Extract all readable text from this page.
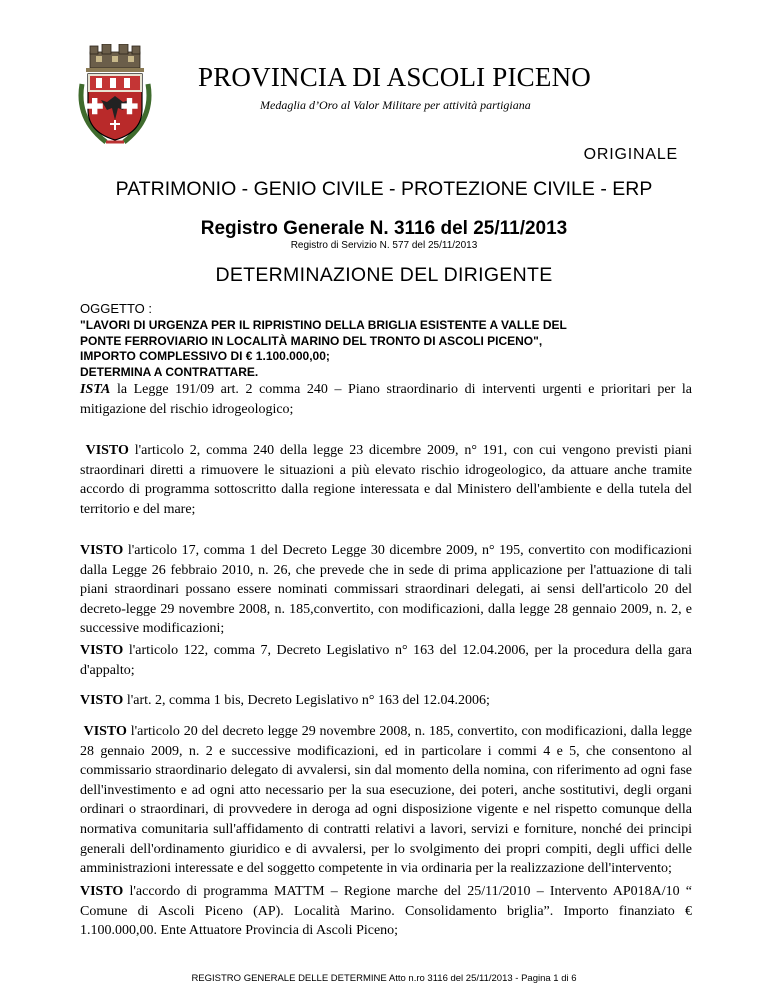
PROVINCIA DI ASCOLI PICENO
Medaglia d’Oro al Valor Militare per attività partigiana
ORIGINALE
PATRIMONIO - GENIO CIVILE - PROTEZIONE CIVILE - ERP
Registro Generale N. 3116 del 25/11/2013
Registro di Servizio N. 577 del 25/11/2013
DETERMINAZIONE DEL DIRIGENTE
OGGETTO :
"LAVORI DI URGENZA PER IL RIPRISTINO DELLA BRIGLIA ESISTENTE A VALLE DEL
PONTE FERROVIARIO IN LOCALITÀ MARINO DEL TRONTO DI ASCOLI PICENO",
IMPORTO COMPLESSIVO DI € 1.100.000,00;
DETERMINA A CONTRATTARE.
ISTA la Legge 191/09 art. 2 comma 240 – Piano straordinario di interventi urgenti e prioritari per la mitigazione del rischio idrogeologico;
VISTO l'articolo 2, comma 240 della legge 23 dicembre 2009, n° 191, con cui vengono previsti piani straordinari diretti a rimuovere le situazioni a più elevato rischio idrogeologico, da attuare anche tramite accordo di programma sottoscritto dalla regione interessata e dal Ministero dell'ambiente e della tutela del territorio e del mare;
VISTO l'articolo 17, comma 1 del Decreto Legge 30 dicembre 2009, n° 195, convertito con modificazioni dalla Legge 26 febbraio 2010, n. 26, che prevede che in sede di prima applicazione per l'attuazione di tali piani straordinari possano essere nominati commissari straordinari delegati, ai sensi dell'articolo 20 del decreto-legge 29 novembre 2008, n. 185,convertito, con modificazioni, dalla legge 28 gennaio 2009, n. 2, e successive modificazioni;
VISTO l'articolo 122, comma 7, Decreto Legislativo n° 163 del 12.04.2006, per la procedura della gara d'appalto;
VISTO l'art. 2, comma 1 bis, Decreto Legislativo n° 163 del 12.04.2006;
VISTO l'articolo 20 del decreto legge 29 novembre 2008, n. 185, convertito, con modificazioni, dalla legge 28 gennaio 2009, n. 2 e successive modificazioni, ed in particolare i commi 4 e 5, che consentono al commissario straordinario delegato di avvalersi, sin dal momento della nomina, con riferimento ad ogni fase dell'investimento e ad ogni atto necessario per la sua esecuzione, dei poteri, anche sostitutivi, degli organi ordinari o straordinari, di provvedere in deroga ad ogni disposizione vigente e nel rispetto comunque della normativa comunitaria sull'affidamento di contratti relativi a lavori, servizi e forniture, nonché dei principi generali dell'ordinamento giuridico e di avvalersi, per lo svolgimento dei propri compiti, degli uffici delle amministrazioni interessate e del soggetto competente in via ordinaria per la realizzazione dell'intervento;
VISTO l'accordo di programma MATTM – Regione marche del 25/11/2010 – Intervento AP018A/10 “ Comune di Ascoli Piceno (AP). Località Marino. Consolidamento briglia”. Importo finanziato € 1.100.000,00. Ente Attuatore Provincia di Ascoli Piceno;
REGISTRO GENERALE DELLE DETERMINE Atto n.ro 3116 del 25/11/2013 - Pagina 1 di 6
